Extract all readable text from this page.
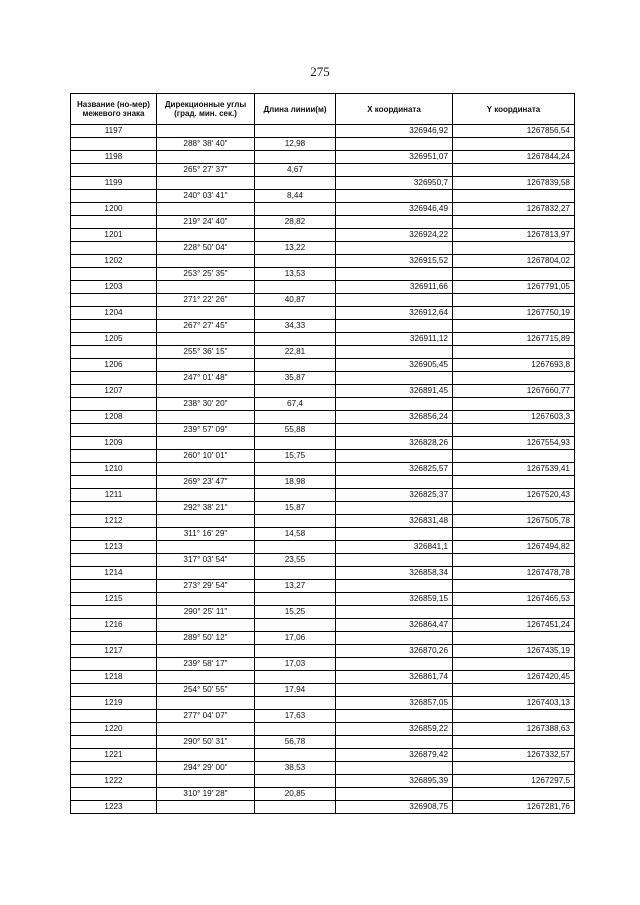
275
Название (но-мер) межевого знака	Дирекционные углы (град. мин. сек.)	Длина линии(м)	X координата	Y координата
1197			326946,92	1267856,54
	288° 38' 40"	12,98		
1198			326951,07	1267844,24
	265° 27' 37"	4,67		
1199			326950,7	1267839,58
	240° 03' 41"	8,44		
1200			326946,49	1267832,27
	219° 24' 40"	28,82		
1201			326924,22	1267813,97
	228° 50' 04"	13,22		
1202			326915,52	1267804,02
	253° 25' 35"	13,53		
1203			326911,66	1267791,05
	271° 22' 26"	40,87		
1204			326912,64	1267750,19
	267° 27' 45"	34,33		
1205			326911,12	1267715,89
	255° 36' 15"	22,81		
1206			326905,45	1267693,8
	247° 01' 48"	35,87		
1207			326891,45	1267660,77
	238° 30' 20"	67,4		
1208			326856,24	1267603,3
	239° 57' 09"	55,88		
1209			326828,26	1267554,93
	260° 10' 01"	15,75		
1210			326825,57	1267539,41
	269° 23' 47"	18,98		
1211			326825,37	1267520,43
	292° 38' 21"	15,87		
1212			326831,48	1267505,78
	311° 16' 29"	14,58		
1213			326841,1	1267494,82
	317° 03' 54"	23,55		
1214			326858,34	1267478,78
	273° 29' 54"	13,27		
1215			326859,15	1267465,53
	290° 25' 11"	15,25		
1216			326864,47	1267451,24
	289° 50' 12"	17,06		
1217			326870,26	1267435,19
	239° 58' 17"	17,03		
1218			326861,74	1267420,45
	254° 50' 55"	17,94		
1219			326857,05	1267403,13
	277° 04' 07"	17,63		
1220			326859,22	1267388,63
	290° 50' 31"	56,78		
1221			326879,42	1267332,57
	294° 29' 00"	38,53		
1222			326895,39	1267297,5
	310° 19' 28"	20,85		
1223			326908,75	1267281,76
